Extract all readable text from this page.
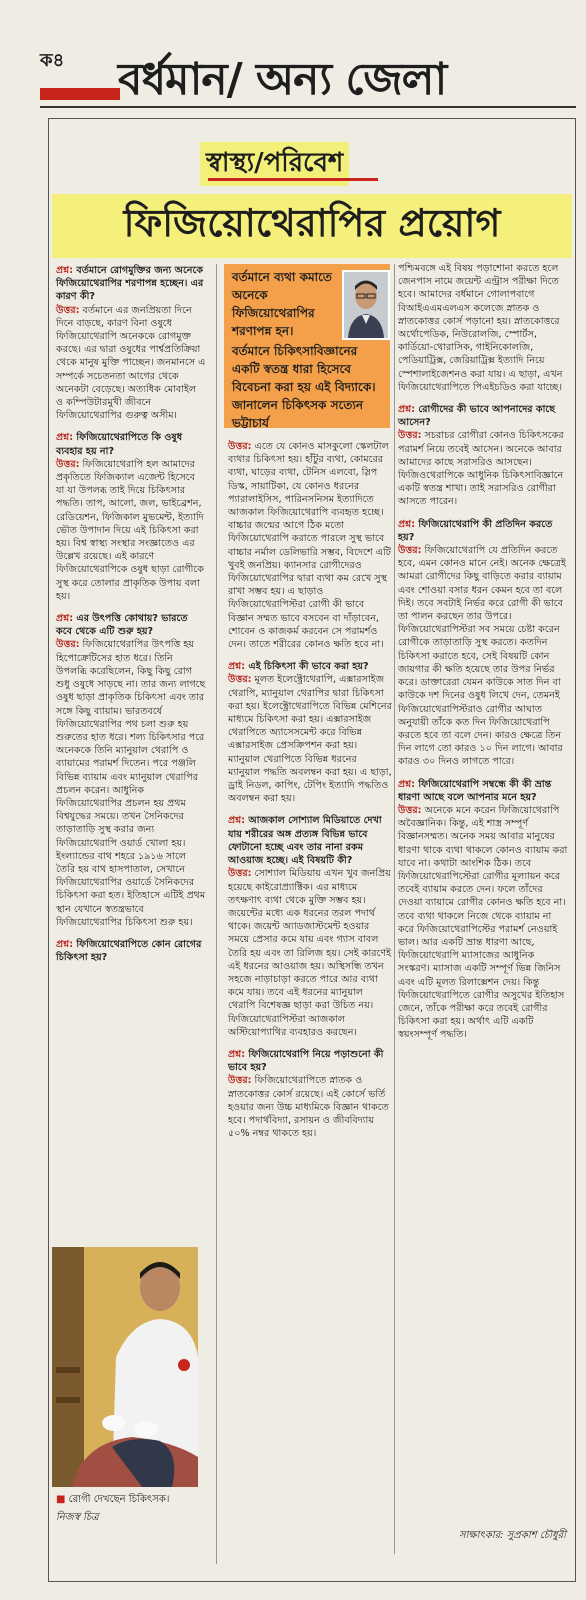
ক৪ বর্ধমান/ অন্য জেলা
স্বাস্থ্য/পরিবেশ
ফিজিয়োথেরাপির প্রয়োগ
বর্তমানে ব্যথা কমাতে অনেকে ফিজিয়োথেরাপির শরণাপন্ন হন।
বর্তমানে চিকিৎসাবিজ্ঞানের একটি স্বতন্ত্র ধারা হিসেবে বিবেচনা করা হয় এই বিদ্যাকে। জানালেন চিকিৎসক সত্যেন ভট্টাচার্য

প্রশ্ন: বর্তমানে রোগমুক্তির জন্য অনেকে ফিজিয়োথেরাপির শরণাপন্ন হচ্ছেন। এর কারণ কী?
উত্তর: বর্তমানে এর জনপ্রিয়তা দিনে দিনে বাড়ছে, কারণ বিনা ওষুধে ফিজিয়োথেরাপি অনেককে রোগমুক্ত করছে। এর দ্বারা ওষুধের পার্শ্বপ্রতিক্রিয়া থেকে মানুষ মুক্তি পাচ্ছেন। জনমানসে এ সম্পর্কে সচেতনতা আগের থেকে অনেকটা বেড়েছে। অত্যধিক মোবাইল ও কম্পিউটারমুখী জীবনে ফিজিয়োথেরাপির গুরুত্ব অসীম।

প্রশ্ন: ফিজিয়োথেরাপিতে কি ওষুধ ব্যবহার হয় না?
উত্তর: ফিজিয়োথেরাপি হল আমাদের প্রকৃতিতে ফিজিক্যাল এজেন্ট হিসেবে যা যা উপলব্ধ তাই দিয়ে চিকিৎসার পদ্ধতি। তাপ, আলো, জল, ভাইব্রেশন, রেডিয়েশন, ফিজিকাল মুভমেন্ট, ইত্যাদি ভৌত উপাদান দিয়ে এই চিকিৎসা করা হয়। বিশ্ব স্বাস্থ্য সংস্থার সংজ্ঞাতেও এর উল্লেখ রয়েছে। এই কারণে ফিজিয়োথেরাপিকে ওষুধ ছাড়া রোগীকে সুস্থ করে তোলার প্রাকৃতিক উপায় বলা হয়।

প্রশ্ন: এর উৎপত্তি কোথায়? ভারতে কবে থেকে এটি শুরু হয়?
উত্তর: ফিজিয়োথেরাপির উৎপত্তি হয় হিপোক্রেটিসের হাত ধরে। তিনি উপলব্ধি করেছিলেন, কিছু কিছু রোগ শুধু ওষুধে সাড়ছে না। তার জন্য লাগছে ওষুধ ছাড়া প্রাকৃতিক চিকিৎসা এবং তার সঙ্গে কিছু ব্যায়াম। ভারতবর্ষে ফিজিয়োথেরাপির পথ চলা শুরু হয় শুরুতের হাত ধরে। শল্য চিকিৎসার পরে অনেককে তিনি ম্যানুয়াল থেরাপি ও ব্যায়ামের পরামর্শ দিতেন। পরে পঞ্জলি বিভিন্ন ব্যায়াম এবং ম্যানুয়াল থেরাপির প্রচলন করেন। আধুনিক ফিজিয়োথেরাপির প্রচলন হয় প্রথম বিশ্বযুদ্ধের সময়ে। তখন সৈনিকদের তাড়াতাড়ি সুস্থ করার জন্য ফিজিয়োথেরাপি ওয়ার্ড খোলা হয়। ইংল্যান্ডের বাথ শহরে ১৯১৬ সালে তৈরি হয় বাথ হাসপাতাল, সেখানে ফিজিয়োথেরাপির ওয়ার্ডে সৈনিকদের চিকিৎসা করা হত। ইতিহাসে এটিই প্রথম স্থান যেখানে স্বতন্ত্রভাবে ফিজিয়োথেরাপির চিকিৎসা শুরু হয়।

প্রশ্ন: ফিজিয়োথেরাপিতে কোন রোগের চিকিৎসা হয়?

■ রোগী দেখছেন চিকিৎসক।
নিজস্ব চিত্র

উত্তর: এতে যে কোনও মাসকুলো স্কেলটাল ব্যথার চিকিৎসা হয়। হাঁটুর ব্যথা, কোমরের ব্যথা, ঘাড়ের ব্যথা, টেনিস এলবো, স্লিপ ডিস্ক, সায়াটিকা, যে কোনও ধরনের প্যারালাইসিস, পারিনসনিসম ইত্যাদিতে আজকাল ফিজিয়োথেরাপি ব্যবহৃত হচ্ছে। বাচ্চার জন্মের আগে ঠিক মতো ফিজিয়োথেরাপি করাতে পারলে সুস্থ ভাবে বাচ্চার নর্মাল ডেলিভারি সম্ভব, বিদেশে এটি খুবই জনপ্রিয়। ক্যানসার রোগীদেরও ফিজিয়োথেরাপির দ্বারা ব্যথা কম রেখে সুস্থ রাখা সম্ভব হয়। এ ছাড়াও ফিজিয়োথেরাপিস্টরা রোগী কী ভাবে বিজ্ঞান সম্মত ভাবে বসবেন বা দাঁড়াবেন, শোবেন ও কাজকর্ম করবেন সে পরামর্শও দেন। তাতে শরীরের কোনও ক্ষতি হবে না।

প্রশ্ন: এই চিকিৎসা কী ভাবে করা হয়?
উত্তর: মূলত ইলেক্ট্রোথেরাপি, এক্সারসাইজ থেরাপি, ম্যানুয়াল থেরাপির দ্বারা চিকিৎসা করা হয়। ইলেক্ট্রোথেরাপিতে বিভিন্ন মেশিনের মাধ্যমে চিকিৎসা করা হয়। এক্সারসাইজ থেরাপিতে অ্যাসেসমেন্ট করে বিভিন্ন এক্সারসাইজ প্রেসক্রিপশন করা হয়। ম্যানুয়াল থেরাপিতে বিভিন্ন ধরনের ম্যানুয়াল পদ্ধতি অবলম্বন করা হয়। এ ছাড়া, ড্রাই নিডল, কাপিং, টেপিং ইত্যাদি পদ্ধতিও অবলম্বন করা হয়।

প্রশ্ন: আজকাল সোশ্যাল মিডিয়াতে দেখা যায় শরীরের অঙ্গ প্রত্যঙ্গ বিভিন্ন ভাবে ফোটানো হচ্ছে এবং তার নানা রকম আওয়াজ হচ্ছে। এই বিষয়টি কী?
উত্তর: সোশ্যাল মিডিয়ায় এখন খুব জনপ্রিয় হয়েছে কাইরোপ্র্যাক্টিক। এর মাধ্যমে তৎক্ষণাৎ ব্যথা থেকে মুক্তি সম্ভব হয়। জয়েন্টের মধ্যে এক ধরনের তরল পদার্থ থাকে। জয়েন্ট অ্যাডজাস্টমেন্ট হওয়ার সময়ে প্রেসার কমে যায় এবং গ্যাস বাবল তৈরি হয় এবং তা রিলিজ হয়। সেই কারণেই এই ধরনের আওয়াজ হয়। অস্থিসন্ধি তখন সহজে নাড়াচাড়া করতে পারে আর ব্যথা কমে যায়। তবে এই ধরনের ম্যানুয়াল থেরাপি বিশেষজ্ঞ ছাড়া করা উচিত নয়। ফিজিয়োথেরাপিস্টরা আজকাল অস্টিয়োপ্যাথির ব্যবহারও করছেন।

প্রশ্ন: ফিজিয়োথেরাপি নিয়ে পড়াশুনো কী ভাবে হয়?
উত্তর: ফিজিয়োথেরাপিতে স্নাতক ও স্নাতকোত্তর কোর্স রয়েছে। এই কোর্সে ভর্তি হওয়ার জন্য উচ্চ মাধ্যমিকে বিজ্ঞান থাকতে হবে। পদার্থবিদ্যা, রসায়ন ও জীববিদ্যায় ৫০% নম্বর থাকতে হয়।

পশ্চিমবঙ্গে এই বিষয় পড়াশোনা করতে হলে জেনপাস নামে জয়েন্ট এন্ট্রাস পরীক্ষা দিতে হবে। আমাদের বর্ধমানে গোলাপবাগে বিআইএএমএলএস কলেজে স্নাতক ও স্নাতকোত্তর কোর্স পড়ানো হয়। স্নাতকোত্তরে অর্থোপেডিক, নিউরোলজি, স্পোর্টস, কার্ডিয়ো-থোরাসিক, গাইনিকোলজি, পেডিয়াট্রিক্স, জেরিয়াট্রিক্স ইত্যাদি নিয়ে স্পেশালাইজেশনও করা যায়। এ ছাড়া, এখন ফিজিয়োথেরাপিতে পিএইচডিও করা যাচ্ছে।

প্রশ্ন: রোগীদের কী ভাবে আপনাদের কাছে আসেন?
উত্তর: সচরাচর রোগীরা কোনও চিকিৎসকের পরামর্শ নিয়ে তবেই আসেন। অনেকে আবার আমাদের কাছে সরাসরিও আসছেন। ফিজিওথেরাপিকে আধুনিক চিকিৎসাবিজ্ঞানে একটি স্বতন্ত্র শাখা। তাই সরাসরিও রোগীরা আসতে পারেন।

প্রশ্ন: ফিজিয়োথেরাপি কী প্রতিদিন করতে হয়?
উত্তর: ফিজিয়োথেরাপি যে প্রতিদিন করতে হবে, এমন কোনও মানে নেই। অনেক ক্ষেত্রেই আমরা রোগীদের কিছু বাড়িতে করার ব্যায়াম এবং শোওয়া বসার ধরন কেমন হবে তা বলে দিই। তবে সবটাই নির্ভর করে রোগী কী ভাবে তা পালন করছেন তার উপরে। ফিজিয়োথেরাপিস্টরা সব সময়ে চেষ্টা করেন রোগীকে তাড়াতাড়ি সুস্থ করতে। কতদিন চিকিৎসা করাতে হবে, সেই বিষয়টি কোন জায়গার কী ক্ষতি হয়েছে তার উপর নির্ভর করে। ডাক্তারেরা যেমন কাউকে সাত দিন বা কাউকে দশ দিনের ওষুধ লিখে দেন, তেমনই ফিজিয়োথেরাপিস্টরাও রোগীর আঘাত অনুযায়ী তাঁকে কত দিন ফিজিয়োথেরাপি করতে হবে তা বলে দেন। কারও ক্ষেত্রে তিন দিন লাগে তো কারও ১০ দিন লাগে। আবার কারও ৩০ দিনও লাগতে পারে।

প্রশ্ন: ফিজিয়োথেরাপি সম্বন্ধে কী কী ভ্রান্ত ধারণা আছে বলে আপনার মনে হয়?
উত্তর: অনেকে মনে করেন ফিজিয়োথেরাপি অবৈজ্ঞানিক। কিন্তু, এই শাস্ত্র সম্পূর্ণ বিজ্ঞানসম্মত। অনেক সময় আবার মানুষের ধারণা থাকে ব্যথা থাকলে কোনও ব্যায়াম করা যাবে না। কথাটা আংশিক ঠিক। তবে ফিজিয়োথেরাপিস্টেরা রোগীর মূল্যায়ন করে তবেই ব্যায়াম করতে দেন। ফলে তাঁদের দেওয়া ব্যায়ামে রোগীর কোনও ক্ষতি হবে না। তবে ব্যথা থাকলে নিজে থেকে ব্যায়াম না করে ফিজিয়োথেরাপিস্টের পরামর্শ নেওয়াই ভাল। আর একটি ভ্রান্ত ধারণা আছে, ফিজিয়োথেরাপি ম্যাসাজের আধুনিক সংস্করণ। ম্যাসাজ একটি সম্পূর্ণ ভিন্ন জিনিস এবং এটি মূলত রিলাক্সেশন দেয়। কিন্তু ফিজিয়োথেরাপিতে রোগীর অসুখের ইতিহাস জেনে, তাঁকে পরীক্ষা করে তবেই রোগীর চিকিৎসা করা হয়। অর্থাৎ এটি একটি স্বয়ংসম্পূর্ণ পদ্ধতি।

সাক্ষাৎকার: সুপ্রকাশ চৌধুরী
